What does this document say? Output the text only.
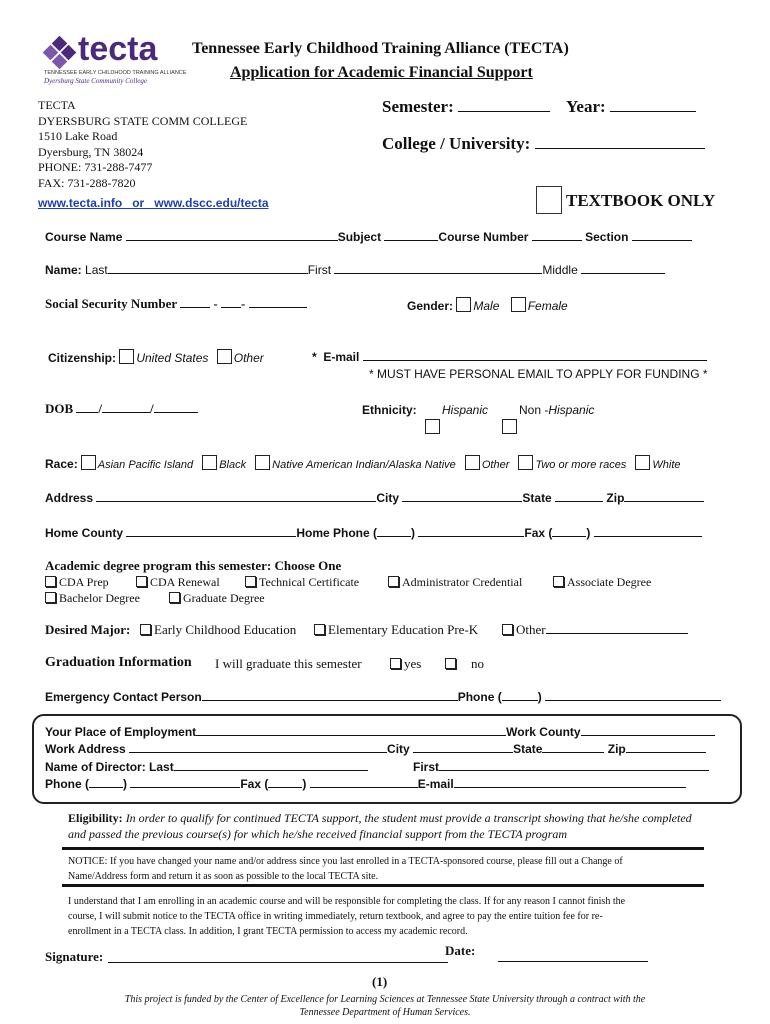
tecta
TENNESSEE EARLY CHILDHOOD TRAINING ALLIANCE
Dyersburg State Community College
Tennessee Early Childhood Training Alliance (TECTA)
Application for Academic Financial Support
TECTA
DYERSBURG STATE COMM COLLEGE
1510 Lake Road
Dyersburg, TN 38024
PHONE: 731-288-7477
FAX: 731-288-7820
www.tecta.info   or   www.dscc.edu/tecta
Semester:	Year:
College / University:
TEXTBOOK ONLY
Course Name	Subject	Course Number	Section
Name: Last	First	Middle
Social Security Number	- -	Gender: Male Female
Citizenship: United States Other	*  E-mail
* MUST HAVE PERSONAL EMAIL TO APPLY FOR FUNDING *
DOB /	/	Ethnicity: Hispanic	Non -Hispanic
Race: Asian Pacific Island Black Native American Indian/Alaska Native Other Two or more races White
Address	City	State	Zip
Home County	Home Phone (	)	Fax (	)
Academic degree program this semester: Choose One
CDA Prep	CDA Renewal	Technical Certificate	Administrator Credential	Associate Degree
Bachelor Degree	Graduate Degree
Desired Major:	Early Childhood Education	Elementary Education Pre-K	Other
Graduation Information I will graduate this semester	yes	no
Emergency Contact Person	Phone (	)
Your Place of Employment	Work County
Work Address	City	State	Zip
Name of Director: Last	First
Phone (	)	Fax (	)	E-mail
Eligibility: In order to qualify for continued TECTA support, the student must provide a transcript showing that he/she completed
and passed the previous course(s) for which he/she received financial support from the TECTA program
NOTICE: If you have changed your name and/or address since you last enrolled in a TECTA-sponsored course, please fill out a Change of
Name/Address form and return it as soon as possible to the local TECTA site.
I understand that I am enrolling in an academic course and will be responsible for completing the class. If for any reason I cannot finish the
course, I will submit notice to the TECTA office in writing immediately, return textbook, and agree to pay the entire tuition fee for re-
enrollment in a TECTA class. In addition, I grant TECTA permission to access my academic record.
Signature:	Date:
(1)
This project is funded by the Center of Excellence for Learning Sciences at Tennessee State University through a contract with the
Tennessee Department of Human Services.
